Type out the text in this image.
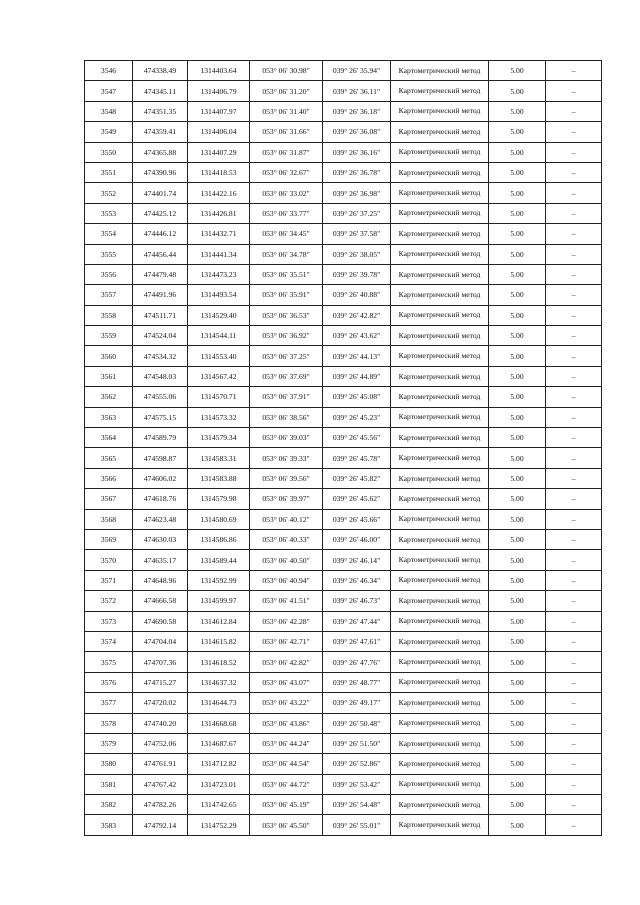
3546	474338.49	1314403.64	053° 06' 30.98"	039° 26' 35.94"	Картометрический метод	5.00	–
3547	474345.11	1314406.79	053° 06' 31.20"	039° 26' 36.11"	Картометрический метод	5.00	–
3548	474351.35	1314407.97	053° 06' 31.40"	039° 26' 36.18"	Картометрический метод	5.00	–
3549	474359.41	1314406.04	053° 06' 31.66"	039° 26' 36.08"	Картометрический метод	5.00	–
3550	474365.88	1314407.29	053° 06' 31.87"	039° 26' 36.16"	Картометрический метод	5.00	–
3551	474390.96	1314418.53	053° 06' 32.67"	039° 26' 36.78"	Картометрический метод	5.00	–
3552	474401.74	1314422.16	053° 06' 33.02"	039° 26' 36.98"	Картометрический метод	5.00	–
3553	474425.12	1314426.81	053° 06' 33.77"	039° 26' 37.25"	Картометрический метод	5.00	–
3554	474446.12	1314432.71	053° 06' 34.45"	039° 26' 37.58"	Картометрический метод	5.00	–
3555	474456.44	1314441.34	053° 06' 34.78"	039° 26' 38.05"	Картометрический метод	5.00	–
3556	474479.48	1314473.23	053° 06' 35.51"	039° 26' 39.78"	Картометрический метод	5.00	–
3557	474491.96	1314493.54	053° 06' 35.91"	039° 26' 40.88"	Картометрический метод	5.00	–
3558	474511.71	1314529.40	053° 06' 36.53"	039° 26' 42.82"	Картометрический метод	5.00	–
3559	474524.04	1314544.11	053° 06' 36.92"	039° 26' 43.62"	Картометрический метод	5.00	–
3560	474534.32	1314553.40	053° 06' 37.25"	039° 26' 44.13"	Картометрический метод	5.00	–
3561	474548.03	1314567.42	053° 06' 37.69"	039° 26' 44.89"	Картометрический метод	5.00	–
3562	474555.06	1314570.71	053° 06' 37.91"	039° 26' 45.08"	Картометрический метод	5.00	–
3563	474575.15	1314573.32	053° 06' 38.56"	039° 26' 45.23"	Картометрический метод	5.00	–
3564	474589.79	1314579.34	053° 06' 39.03"	039° 26' 45.56"	Картометрический метод	5.00	–
3565	474598.87	1314583.31	053° 06' 39.33"	039° 26' 45.78"	Картометрический метод	5.00	–
3566	474606.02	1314583.88	053° 06' 39.56"	039° 26' 45.82"	Картометрический метод	5.00	–
3567	474618.76	1314579.98	053° 06' 39.97"	039° 26' 45.62"	Картометрический метод	5.00	–
3568	474623.48	1314580.69	053° 06' 40.12"	039° 26' 45.66"	Картометрический метод	5.00	–
3569	474630.03	1314586.86	053° 06' 40.33"	039° 26' 46.00"	Картометрический метод	5.00	–
3570	474635.17	1314589.44	053° 06' 40.50"	039° 26' 46.14"	Картометрический метод	5.00	–
3571	474648.96	1314592.99	053° 06' 40.94"	039° 26' 46.34"	Картометрический метод	5.00	–
3572	474666.58	1314599.97	053° 06' 41.51"	039° 26' 46.73"	Картометрический метод	5.00	–
3573	474690.58	1314612.84	053° 06' 42.28"	039° 26' 47.44"	Картометрический метод	5.00	–
3574	474704.04	1314615.82	053° 06' 42.71"	039° 26' 47.61"	Картометрический метод	5.00	–
3575	474707.36	1314618.52	053° 06' 42.82"	039° 26' 47.76"	Картометрический метод	5.00	–
3576	474715.27	1314637.32	053° 06' 43.07"	039° 26' 48.77"	Картометрический метод	5.00	–
3577	474720.02	1314644.73	053° 06' 43.22"	039° 26' 49.17"	Картометрический метод	5.00	–
3578	474740.20	1314668.68	053° 06' 43.86"	039° 26' 50.48"	Картометрический метод	5.00	–
3579	474752.06	1314687.67	053° 06' 44.24"	039° 26' 51.50"	Картометрический метод	5.00	–
3580	474761.91	1314712.82	053° 06' 44.54"	039° 26' 52.86"	Картометрический метод	5.00	–
3581	474767.42	1314723.01	053° 06' 44.72"	039° 26' 53.42"	Картометрический метод	5.00	–
3582	474782.26	1314742.65	053° 06' 45.19"	039° 26' 54.48"	Картометрический метод	5.00	–
3583	474792.14	1314752.29	053° 06' 45.50"	039° 26' 55.01"	Картометрический метод	5.00	–
